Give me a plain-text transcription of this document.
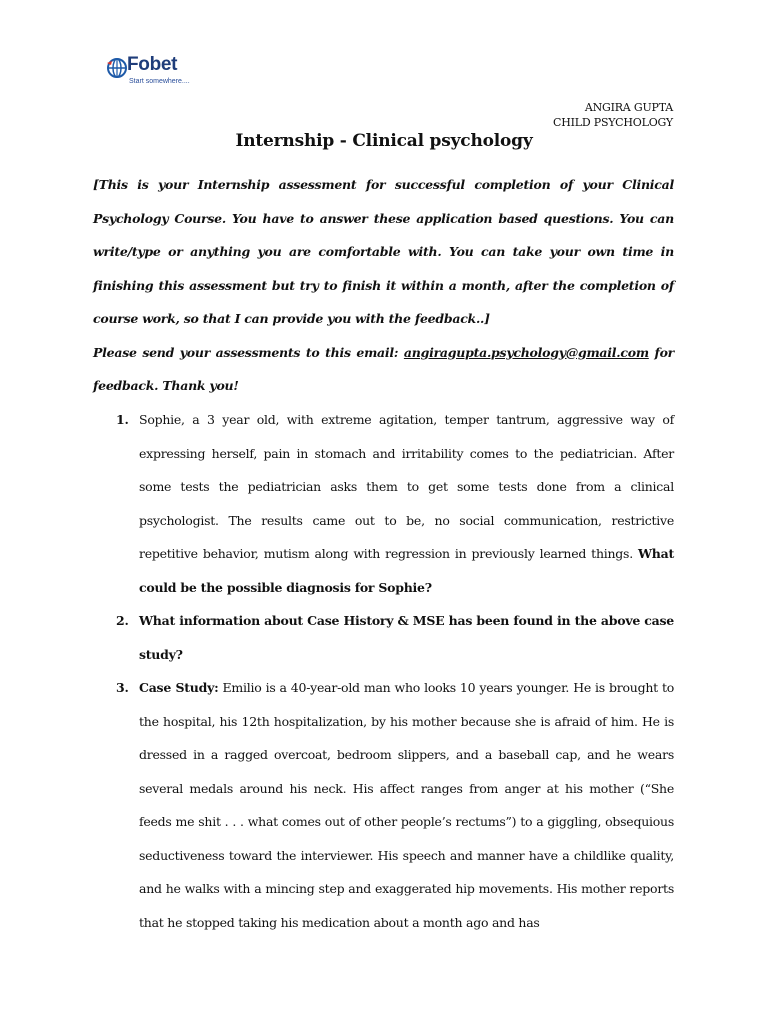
Fobet
Start somewhere....
ANGIRA GUPTA
CHILD PSYCHOLOGY
Internship - Clinical psychology

[This is your Internship assessment for successful completion of your Clinical Psychology Course. You have to answer these application based questions. You can write/type or anything you are comfortable with. You can take your own time in finishing this assessment but try to finish it within a month, after the completion of course work, so that I can provide you with the feedback..]

Please send your assessments to this email: angiragupta.psychology@gmail.com for feedback. Thank you!

1. Sophie, a 3 year old, with extreme agitation, temper tantrum, aggressive way of expressing herself, pain in stomach and irritability comes to the pediatrician. After some tests the pediatrician asks them to get some tests done from a clinical psychologist. The results came out to be, no social communication, restrictive repetitive behavior, mutism along with regression in previously learned things. What could be the possible diagnosis for Sophie?
2. What information about Case History & MSE has been found in the above case study?
3. Case Study: Emilio is a 40-year-old man who looks 10 years younger. He is brought to the hospital, his 12th hospitalization, by his mother because she is afraid of him. He is dressed in a ragged overcoat, bedroom slippers, and a baseball cap, and he wears several medals around his neck. His affect ranges from anger at his mother (“She feeds me shit . . . what comes out of other people’s rectums”) to a giggling, obsequious seductiveness toward the interviewer. His speech and manner have a childlike quality, and he walks with a mincing step and exaggerated hip movements. His mother reports that he stopped taking his medication about a month ago and has
